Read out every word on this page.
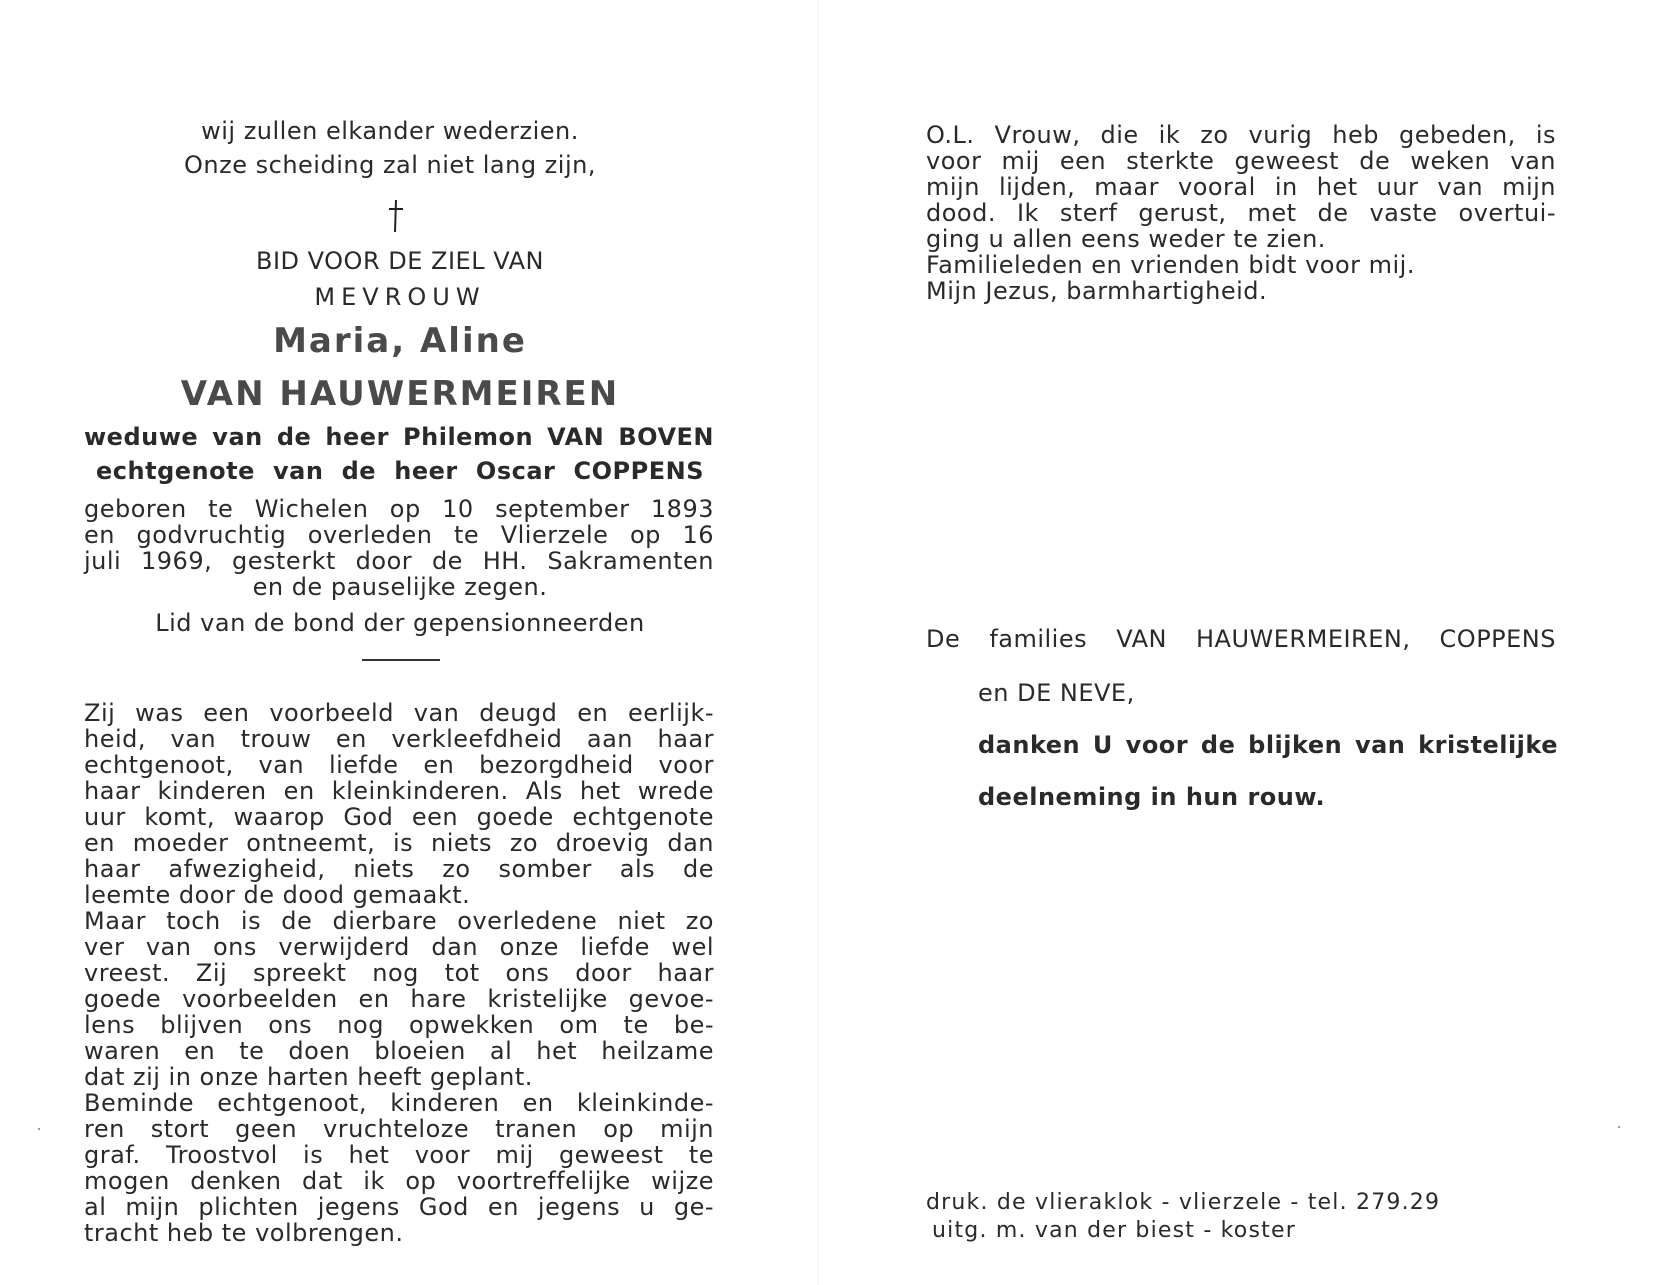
wij zullen elkander wederzien.
Onze scheiding zal niet lang zijn,
BID VOOR DE ZIEL VAN
MEVROUW
Maria, Aline
VAN HAUWERMEIREN
weduwe van de heer Philemon VAN BOVEN
echtgenote van de heer Oscar COPPENS
geboren te Wichelen op 10 september 1893
en godvruchtig overleden te Vlierzele op 16
juli 1969, gesterkt door de HH. Sakramenten
en de pauselijke zegen.
Lid van de bond der gepensionneerden
Zij was een voorbeeld van deugd en eerlijk-
heid, van trouw en verkleefdheid aan haar
echtgenoot, van liefde en bezorgdheid voor
haar kinderen en kleinkinderen. Als het wrede
uur komt, waarop God een goede echtgenote
en moeder ontneemt, is niets zo droevig dan
haar afwezigheid, niets zo somber als de
leemte door de dood gemaakt.
Maar toch is de dierbare overledene niet zo
ver van ons verwijderd dan onze liefde wel
vreest. Zij spreekt nog tot ons door haar
goede voorbeelden en hare kristelijke gevoe-
lens blijven ons nog opwekken om te be-
waren en te doen bloeien al het heilzame
dat zij in onze harten heeft geplant.
Beminde echtgenoot, kinderen en kleinkinde-
ren stort geen vruchteloze tranen op mijn
graf. Troostvol is het voor mij geweest te
mogen denken dat ik op voortreffelijke wijze
al mijn plichten jegens God en jegens u ge-
tracht heb te volbrengen.
O.L. Vrouw, die ik zo vurig heb gebeden, is
voor mij een sterkte geweest de weken van
mijn lijden, maar vooral in het uur van mijn
dood. Ik sterf gerust, met de vaste overtui-
ging u allen eens weder te zien.
Familieleden en vrienden bidt voor mij.
Mijn Jezus, barmhartigheid.
De families VAN HAUWERMEIREN, COPPENS
en DE NEVE,
danken U voor de blijken van kristelijke
deelneming in hun rouw.
druk. de vlieraklok - vlierzele - tel. 279.29
uitg. m. van der biest - koster
